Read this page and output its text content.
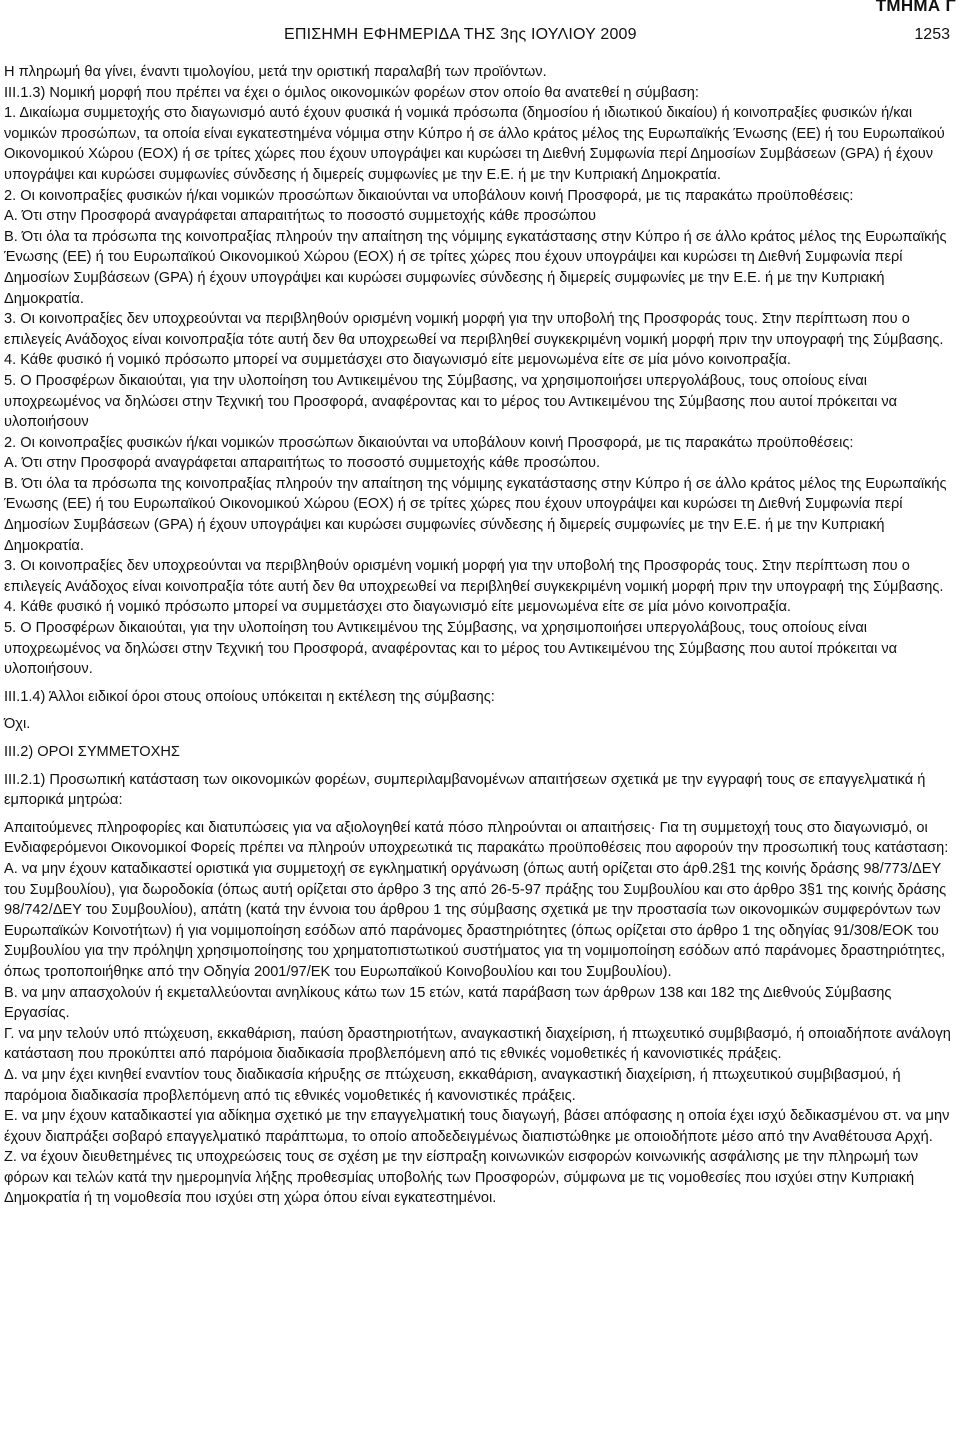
ΤΜΗΜΑ Γ
ΕΠΙΣΗΜΗ ΕΦΗΜΕΡΙΔΑ ΤΗΣ 3ης ΙΟΥΛΙΟΥ 2009	1253

Η πληρωμή θα γίνει, έναντι τιμολογίου, μετά την οριστική παραλαβή των προϊόντων.

ΙΙΙ.1.3) Νομική μορφή που πρέπει να έχει ο όμιλος οικονομικών φορέων στον οποίο θα ανατεθεί η σύμβαση:

1. Δικαίωμα συμμετοχής στο διαγωνισμό αυτό έχουν φυσικά ή νομικά πρόσωπα (δημοσίου ή ιδιωτικού δικαίου) ή κοινοπραξίες φυσικών ή/και νομικών προσώπων, τα οποία είναι εγκατεστημένα νόμιμα στην Κύπρο ή σε άλλο κράτος μέλος της Ευρωπαϊκής Ένωσης (ΕΕ) ή του Ευρωπαϊκού Οικονομικού Χώρου (ΕΟΧ) ή σε τρίτες χώρες που έχουν υπογράψει και κυρώσει τη Διεθνή Συμφωνία περί Δημοσίων Συμβάσεων (GPA) ή έχουν υπογράψει και κυρώσει συμφωνίες σύνδεσης ή διμερείς συμφωνίες με την Ε.Ε. ή με την Κυπριακή Δημοκρατία.

2. Οι κοινοπραξίες φυσικών ή/και νομικών προσώπων δικαιούνται να υποβάλουν κοινή Προσφορά, με τις παρακάτω προϋποθέσεις:

Α. Ότι στην Προσφορά αναγράφεται απαραιτήτως το ποσοστό συμμετοχής κάθε προσώπου

Β. Ότι όλα τα πρόσωπα της κοινοπραξίας πληρούν την απαίτηση της νόμιμης εγκατάστασης στην Κύπρο ή σε άλλο κράτος μέλος της Ευρωπαϊκής Ένωσης (ΕΕ) ή του Ευρωπαϊκού Οικονομικού Χώρου (ΕΟΧ) ή σε τρίτες χώρες που έχουν υπογράψει και κυρώσει τη Διεθνή Συμφωνία περί Δημοσίων Συμβάσεων (GPA) ή έχουν υπογράψει και κυρώσει συμφωνίες σύνδεσης ή διμερείς συμφωνίες με την Ε.Ε. ή με την Κυπριακή Δημοκρατία.

3. Οι κοινοπραξίες δεν υποχρεούνται να περιβληθούν ορισμένη νομική μορφή για την υποβολή της Προσφοράς τους. Στην περίπτωση που ο επιλεγείς Ανάδοχος είναι κοινοπραξία τότε αυτή δεν θα υποχρεωθεί να περιβληθεί συγκεκριμένη νομική μορφή πριν την υπογραφή της Σύμβασης.

4. Κάθε φυσικό ή νομικό πρόσωπο μπορεί να συμμετάσχει στο διαγωνισμό είτε μεμονωμένα είτε σε μία μόνο κοινοπραξία.

5. Ο Προσφέρων δικαιούται, για την υλοποίηση του Αντικειμένου της Σύμβασης, να χρησιμοποιήσει υπεργολάβους, τους οποίους είναι υποχρεωμένος να δηλώσει στην Τεχνική του Προσφορά, αναφέροντας και το μέρος του Αντικειμένου της Σύμβασης που αυτοί πρόκειται να υλοποιήσουν

2. Οι κοινοπραξίες φυσικών ή/και νομικών προσώπων δικαιούνται να υποβάλουν κοινή Προσφορά, με τις παρακάτω προϋποθέσεις:

Α. Ότι στην Προσφορά αναγράφεται απαραιτήτως το ποσοστό συμμετοχής κάθε προσώπου.

Β. Ότι όλα τα πρόσωπα της κοινοπραξίας πληρούν την απαίτηση της νόμιμης εγκατάστασης στην Κύπρο ή σε άλλο κράτος μέλος της Ευρωπαϊκής Ένωσης (ΕΕ) ή του Ευρωπαϊκού Οικονομικού Χώρου (ΕΟΧ) ή σε τρίτες χώρες που έχουν υπογράψει και κυρώσει τη Διεθνή Συμφωνία περί Δημοσίων Συμβάσεων (GPA) ή έχουν υπογράψει και κυρώσει συμφωνίες σύνδεσης ή διμερείς συμφωνίες με την Ε.Ε. ή με την Κυπριακή Δημοκρατία.

3. Οι κοινοπραξίες δεν υποχρεούνται να περιβληθούν ορισμένη νομική μορφή για την υποβολή της Προσφοράς τους. Στην περίπτωση που ο επιλεγείς Ανάδοχος είναι κοινοπραξία τότε αυτή δεν θα υποχρεωθεί να περιβληθεί συγκεκριμένη νομική μορφή πριν την υπογραφή της Σύμβασης.

4. Κάθε φυσικό ή νομικό πρόσωπο μπορεί να συμμετάσχει στο διαγωνισμό είτε μεμονωμένα είτε σε μία μόνο κοινοπραξία.

5. Ο Προσφέρων δικαιούται, για την υλοποίηση του Αντικειμένου της Σύμβασης, να χρησιμοποιήσει υπεργολάβους, τους οποίους είναι υποχρεωμένος να δηλώσει στην Τεχνική του Προσφορά, αναφέροντας και το μέρος του Αντικειμένου της Σύμβασης που αυτοί πρόκειται να υλοποιήσουν.

ΙΙΙ.1.4) Άλλοι ειδικοί όροι στους οποίους υπόκειται η εκτέλεση της σύμβασης:

Όχι.

ΙΙΙ.2) ΟΡΟΙ ΣΥΜΜΕΤΟΧΗΣ

ΙΙΙ.2.1) Προσωπική κατάσταση των οικονομικών φορέων, συμπεριλαμβανομένων απαιτήσεων σχετικά με την εγγραφή τους σε επαγγελματικά ή εμπορικά μητρώα:

Απαιτούμενες πληροφορίες και διατυπώσεις για να αξιολογηθεί κατά πόσο πληρούνται οι απαιτήσεις· Για τη συμμετοχή τους στο διαγωνισμό, οι Ενδιαφερόμενοι Οικονομικοί Φορείς πρέπει να πληρούν υποχρεωτικά τις παρακάτω προϋποθέσεις που αφορούν την προσωπική τους κατάσταση:

Α. να μην έχουν καταδικαστεί οριστικά για συμμετοχή σε εγκληματική οργάνωση (όπως αυτή ορίζεται στο άρθ.2§1 της κοινής δράσης 98/773/ΔΕΥ του Συμβουλίου), για δωροδοκία (όπως αυτή ορίζεται στο άρθρο 3 της από 26-5-97 πράξης του Συμβουλίου και στο άρθρο 3§1 της κοινής δράσης 98/742/ΔΕΥ του Συμβουλίου), απάτη (κατά την έννοια του άρθρου 1 της σύμβασης σχετικά με την προστασία των οικονομικών συμφερόντων των Ευρωπαϊκών Κοινοτήτων) ή για νομιμοποίηση εσόδων από παράνομες δραστηριότητες (όπως ορίζεται στο άρθρο 1 της οδηγίας 91/308/ΕΟΚ του Συμβουλίου για την πρόληψη χρησιμοποίησης του χρηματοπιστωτικού συστήματος για τη νομιμοποίηση εσόδων από παράνομες δραστηριότητες, όπως τροποποιήθηκε από την Οδηγία 2001/97/ΕΚ του Ευρωπαϊκού Κοινοβουλίου και του Συμβουλίου).

Β. να μην απασχολούν ή εκμεταλλεύονται ανηλίκους κάτω των 15 ετών, κατά παράβαση των άρθρων 138 και 182 της Διεθνούς Σύμβασης Εργασίας.

Γ. να μην τελούν υπό πτώχευση, εκκαθάριση, παύση δραστηριοτήτων, αναγκαστική διαχείριση, ή πτωχευτικό συμβιβασμό, ή οποιαδήποτε ανάλογη κατάσταση που προκύπτει από παρόμοια διαδικασία προβλεπόμενη από τις εθνικές νομοθετικές ή κανονιστικές πράξεις.

Δ. να μην έχει κινηθεί εναντίον τους διαδικασία κήρυξης σε πτώχευση, εκκαθάριση, αναγκαστική διαχείριση, ή πτωχευτικού συμβιβασμού, ή παρόμοια διαδικασία προβλεπόμενη από τις εθνικές νομοθετικές ή κανονιστικές πράξεις.

Ε. να μην έχουν καταδικαστεί για αδίκημα σχετικό με την επαγγελματική τους διαγωγή, βάσει απόφασης η οποία έχει ισχύ δεδικασμένου στ. να μην έχουν διαπράξει σοβαρό επαγγελματικό παράπτωμα, το οποίο αποδεδειγμένως διαπιστώθηκε με οποιοδήποτε μέσο από την Αναθέτουσα Αρχή.

Ζ. να έχουν διευθετημένες τις υποχρεώσεις τους σε σχέση με την είσπραξη κοινωνικών εισφορών κοινωνικής ασφάλισης με την πληρωμή των φόρων και τελών κατά την ημερομηνία λήξης προθεσμίας υποβολής των Προσφορών, σύμφωνα με τις νομοθεσίες που ισχύει στην Κυπριακή Δημοκρατία ή τη νομοθεσία που ισχύει στη χώρα όπου είναι εγκατεστημένοι.
